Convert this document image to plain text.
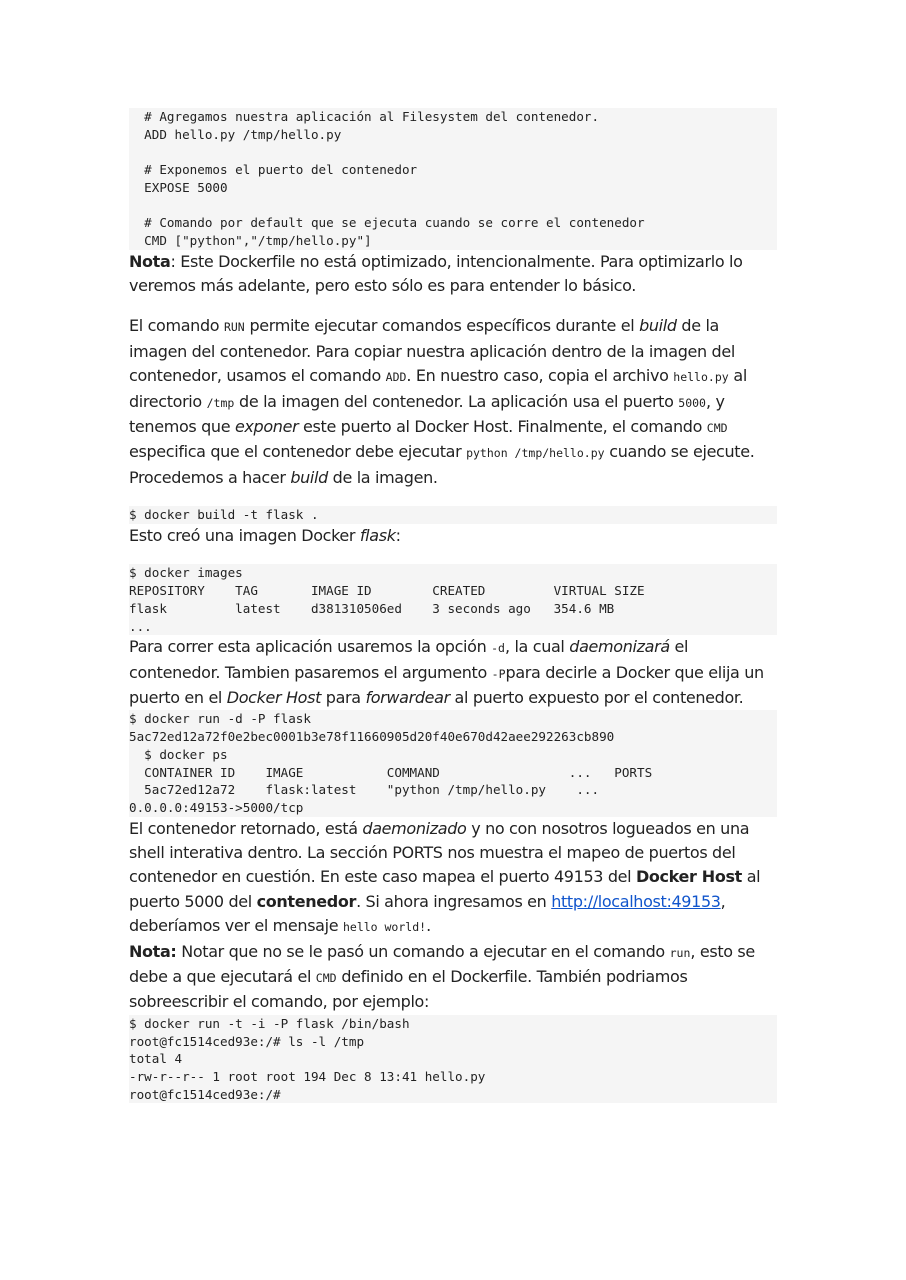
# Agregamos nuestra aplicación al Filesystem del contenedor.
ADD hello.py /tmp/hello.py

# Exponemos el puerto del contenedor
EXPOSE 5000

# Comando por default que se ejecuta cuando se corre el contenedor
CMD ["python","/tmp/hello.py"]

Nota: Este Dockerfile no está optimizado, intencionalmente. Para optimizarlo lo veremos más adelante, pero esto sólo es para entender lo básico.

El comando RUN permite ejecutar comandos específicos durante el build de la imagen del contenedor. Para copiar nuestra aplicación dentro de la imagen del contenedor, usamos el comando ADD. En nuestro caso, copia el archivo hello.py al directorio /tmp de la imagen del contenedor. La aplicación usa el puerto 5000, y tenemos que exponer este puerto al Docker Host. Finalmente, el comando CMD especifica que el contenedor debe ejecutar python /tmp/hello.py cuando se ejecute.

Procedemos a hacer build de la imagen.

$ docker build -t flask .

Esto creó una imagen Docker flask:

$ docker images
REPOSITORY    TAG       IMAGE ID        CREATED         VIRTUAL SIZE
flask         latest    d381310506ed    3 seconds ago   354.6 MB
...

Para correr esta aplicación usaremos la opción -d, la cual daemonizará el contenedor. Tambien pasaremos el argumento -Ppara decirle a Docker que elija un puerto en el Docker Host para forwardear al puerto expuesto por el contenedor.

$ docker run -d -P flask
5ac72ed12a72f0e2bec0001b3e78f11660905d20f40e670d42aee292263cb890
$ docker ps
CONTAINER ID    IMAGE           COMMAND                 ...   PORTS
5ac72ed12a72    flask:latest    "python /tmp/hello.py    ...
0.0.0.0:49153->5000/tcp

El contenedor retornado, está daemonizado y no con nosotros logueados en una shell interativa dentro. La sección PORTS nos muestra el mapeo de puertos del contenedor en cuestión. En este caso mapea el puerto 49153 del Docker Host al puerto 5000 del contenedor. Si ahora ingresamos en http://localhost:49153, deberíamos ver el mensaje hello world!.

Nota: Notar que no se le pasó un comando a ejecutar en el comando run, esto se debe a que ejecutará el CMD definido en el Dockerfile. También podriamos sobreescribir el comando, por ejemplo:

$ docker run -t -i -P flask /bin/bash
root@fc1514ced93e:/# ls -l /tmp
total 4
-rw-r--r-- 1 root root 194 Dec 8 13:41 hello.py
root@fc1514ced93e:/#
